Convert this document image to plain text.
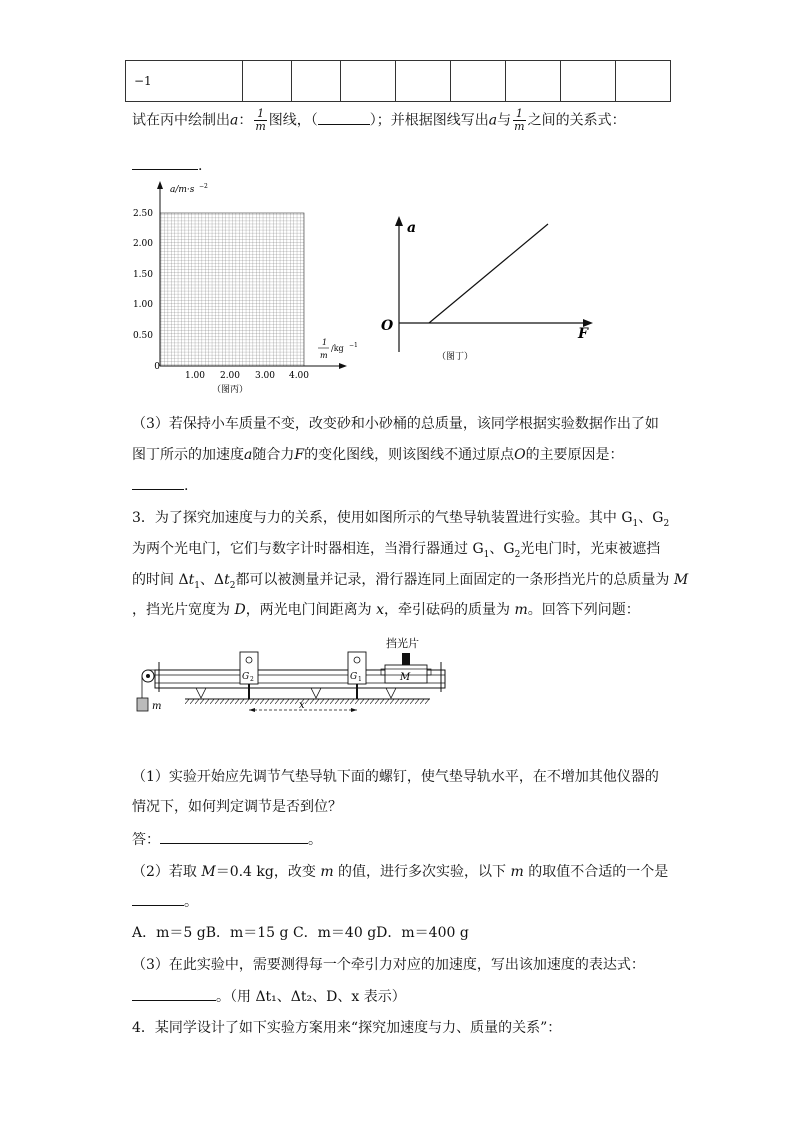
−1								
试在丙中绘制出a： $\frac{1}{m}$ 图线，（	）；并根据图线写出a与 $\frac{1}{m}$ 之间的关系式：
.
a/m·s −2
2.50
2.00
1.50
1.00
0.50
0
1.00 2.00 3.00 4.00
1
m
/kg −1
（图丙）
a
O	F
（图丁）
（3）若保持小车质量不变，改变砂和小砂桶的总质量，该同学根据实验数据作出了如
图丁所示的加速度a随合力F的变化图线，则该图线不通过原点O的主要原因是：
.
3．为了探究加速度与力的关系，使用如图所示的气垫导轨装置进行实验。其中 $G_1$、$G_2$
为两个光电门，它们与数字计时器相连，当滑行器通过 $G_1$、$G_2$光电门时，光束被遮挡
的时间 $\Delta t_1$、$\Delta t_2$都可以被测量并记录，滑行器连同上面固定的一条形挡光片的总质量为 M
，挡光片宽度为 D，两光电门间距离为 x，牵引砝码的质量为 m。回答下列问题：
m
G 2	G 1	M
挡光片
x
（1）实验开始应先调节气垫导轨下面的螺钉，使气垫导轨水平，在不增加其他仪器的
情况下，如何判定调节是否到位？
答：	。
（2）若取 M＝0.4 kg，改变 m 的值，进行多次实验，以下 m 的取值不合适的一个是
。
A．m＝5 gB．m＝15 g C．m＝40 gD．m＝400 g
（3）在此实验中，需要测得每一个牵引力对应的加速度，写出该加速度的表达式：
。（用 Δt₁、Δt₂、D、x 表示）
4．某同学设计了如下实验方案用来“探究加速度与力、质量的关系”：
